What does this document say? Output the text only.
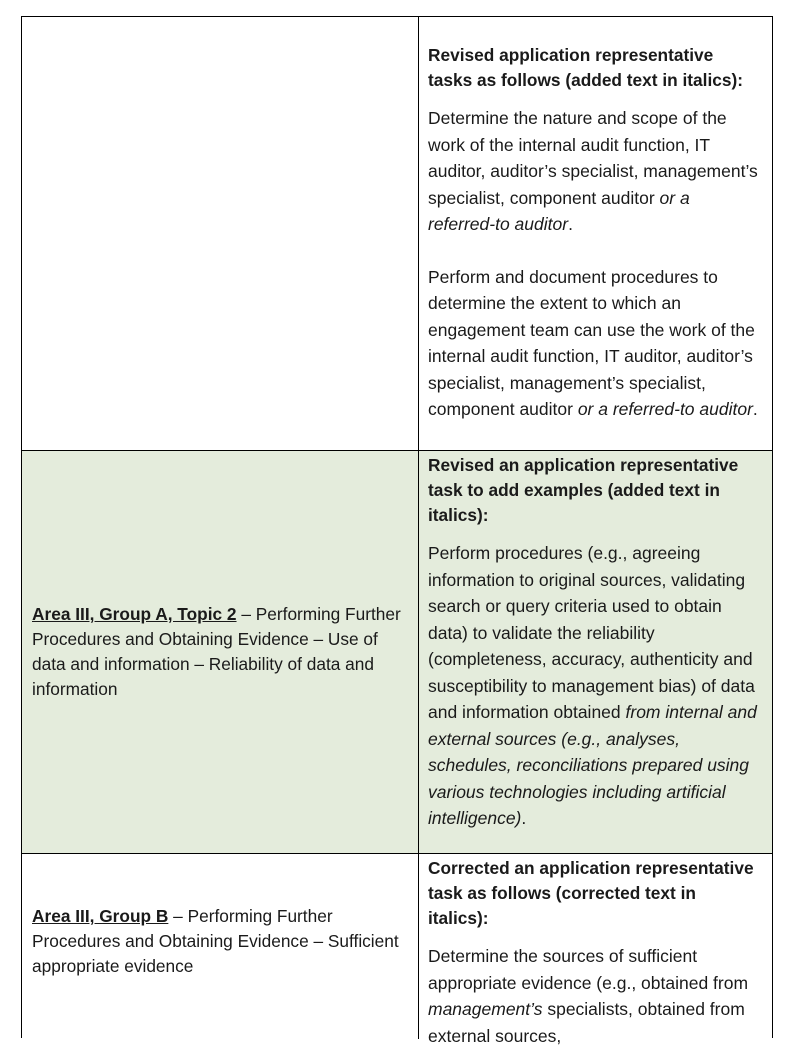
Revised application representative tasks as follows (added text in italics):

Determine the nature and scope of the work of the internal audit function, IT auditor, auditor’s specialist, management’s specialist, component auditor or a referred-to auditor.

Perform and document procedures to determine the extent to which an engagement team can use the work of the internal audit function, IT auditor, auditor’s specialist, management’s specialist, component auditor or a referred-to auditor.

Area III, Group A, Topic 2 – Performing Further Procedures and Obtaining Evidence – Use of data and information – Reliability of data and information

Revised an application representative task to add examples (added text in italics):

Perform procedures (e.g., agreeing information to original sources, validating search or query criteria used to obtain data) to validate the reliability (completeness, accuracy, authenticity and susceptibility to management bias) of data and information obtained from internal and external sources (e.g., analyses, schedules, reconciliations prepared using various technologies including artificial intelligence).

Area III, Group B – Performing Further Procedures and Obtaining Evidence – Sufficient appropriate evidence

Corrected an application representative task as follows (corrected text in italics):

Determine the sources of sufficient appropriate evidence (e.g., obtained from management’s specialists, obtained from external sources,
